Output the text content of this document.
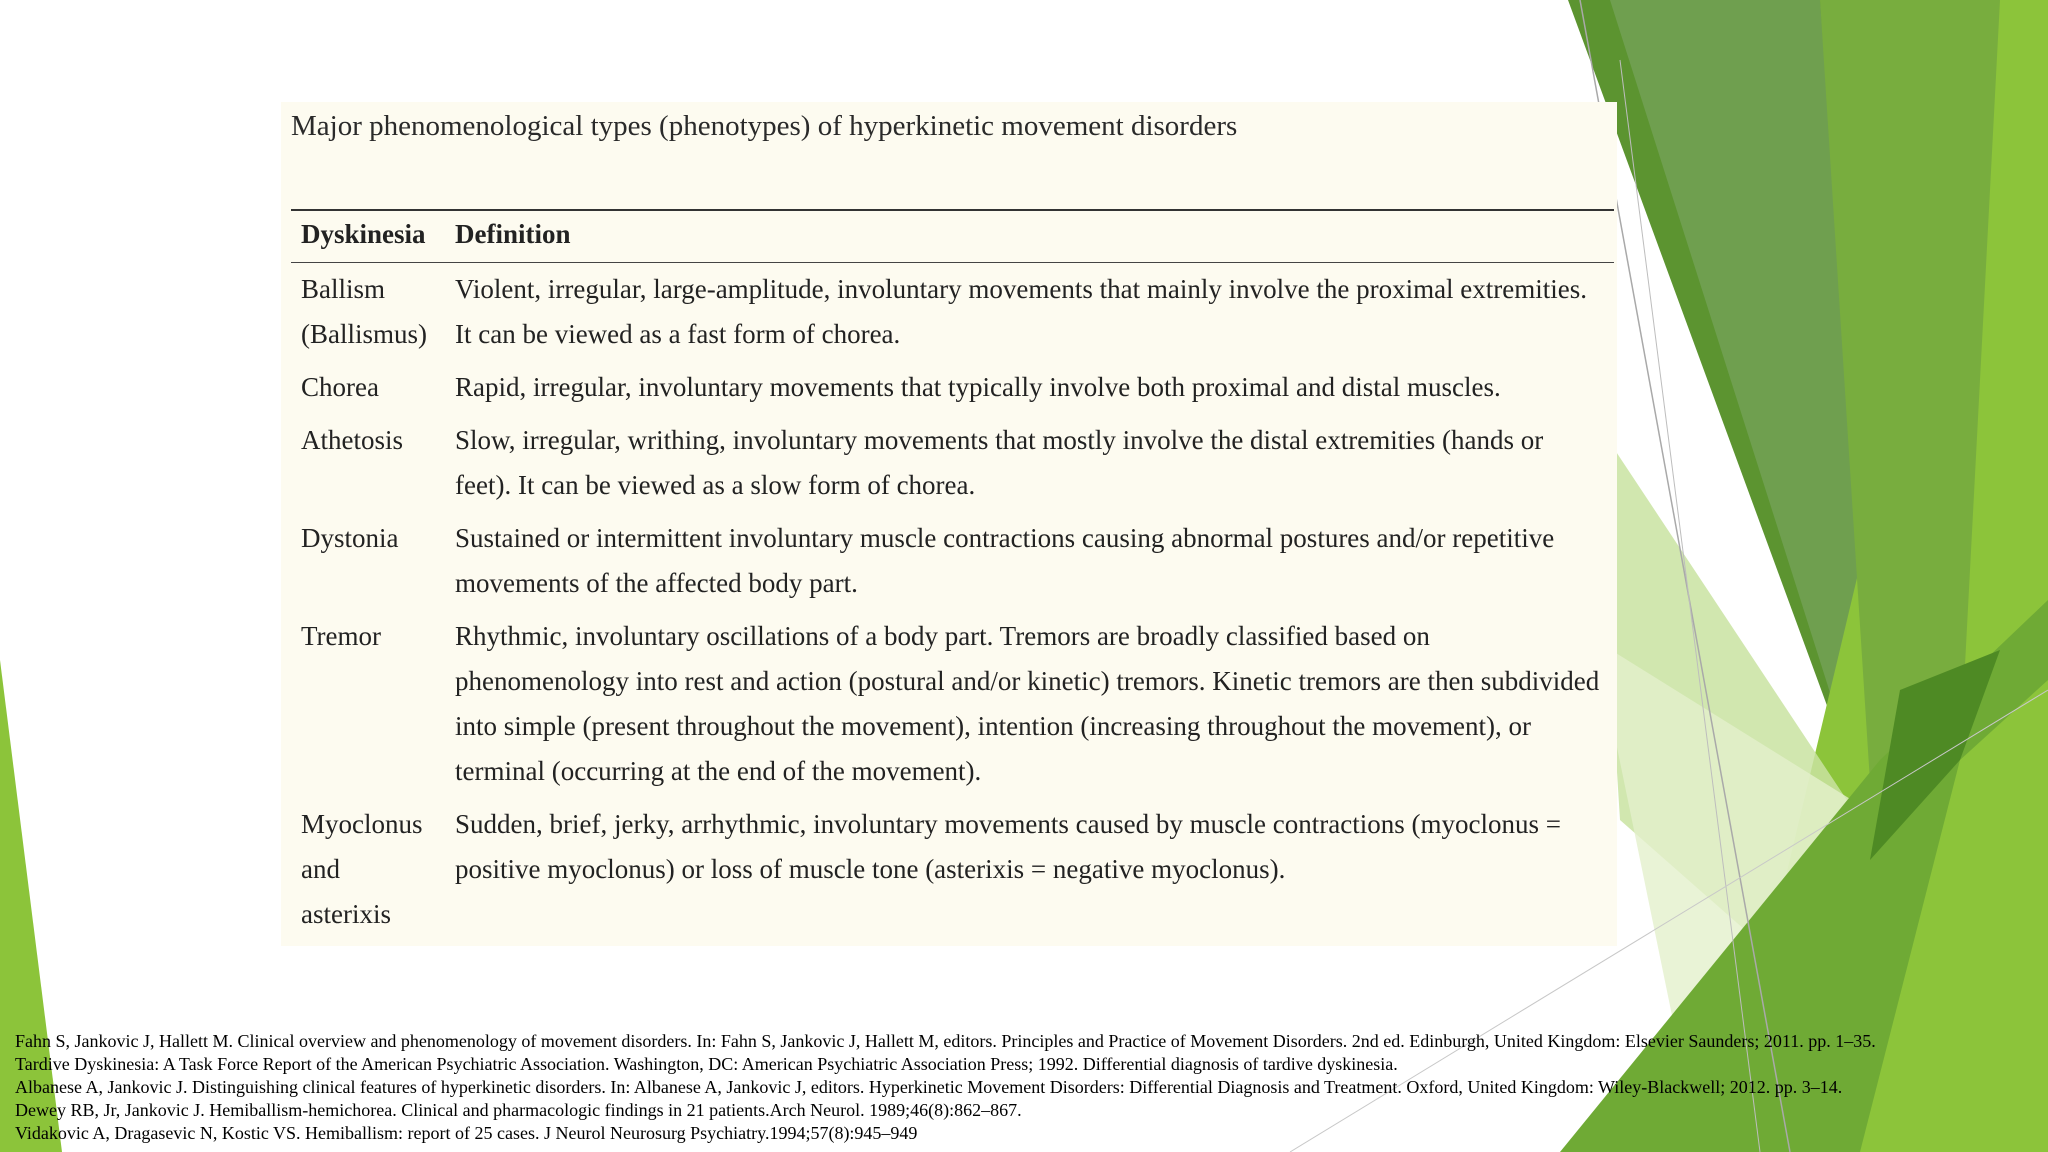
Major phenomenological types (phenotypes) of hyperkinetic movement disorders
Dyskinesia	Definition

Ballism
(Ballismus)	Violent, irregular, large-amplitude, involuntary movements that mainly involve the proximal extremities. It can be viewed as a fast form of chorea.

Chorea	Rapid, irregular, involuntary movements that typically involve both proximal and distal muscles.

Athetosis	Slow, irregular, writhing, involuntary movements that mostly involve the distal extremities (hands or feet). It can be viewed as a slow form of chorea.

Dystonia	Sustained or intermittent involuntary muscle contractions causing abnormal postures and/or repetitive movements of the affected body part.

Tremor	Rhythmic, involuntary oscillations of a body part. Tremors are broadly classified based on phenomenology into rest and action (postural and/or kinetic) tremors. Kinetic tremors are then subdivided into simple (present throughout the movement), intention (increasing throughout the movement), or terminal (occurring at the end of the movement).

Myoclonus
and
asterixis	Sudden, brief, jerky, arrhythmic, involuntary movements caused by muscle contractions (myoclonus = positive myoclonus) or loss of muscle tone (asterixis = negative myoclonus).
Fahn S, Jankovic J, Hallett M. Clinical overview and phenomenology of movement disorders. In: Fahn S, Jankovic J, Hallett M, editors. Principles and Practice of Movement Disorders. 2nd ed. Edinburgh, United Kingdom: Elsevier Saunders; 2011. pp. 1–35.
Tardive Dyskinesia: A Task Force Report of the American Psychiatric Association. Washington, DC: American Psychiatric Association Press; 1992. Differential diagnosis of tardive dyskinesia.
Albanese A, Jankovic J. Distinguishing clinical features of hyperkinetic disorders. In: Albanese A, Jankovic J, editors. Hyperkinetic Movement Disorders: Differential Diagnosis and Treatment. Oxford, United Kingdom: Wiley-Blackwell; 2012. pp. 3–14.
Dewey RB, Jr, Jankovic J. Hemiballism-hemichorea. Clinical and pharmacologic findings in 21 patients.Arch Neurol. 1989;46(8):862–867.
Vidakovic A, Dragasevic N, Kostic VS. Hemiballism: report of 25 cases. J Neurol Neurosurg Psychiatry.1994;57(8):945–949
